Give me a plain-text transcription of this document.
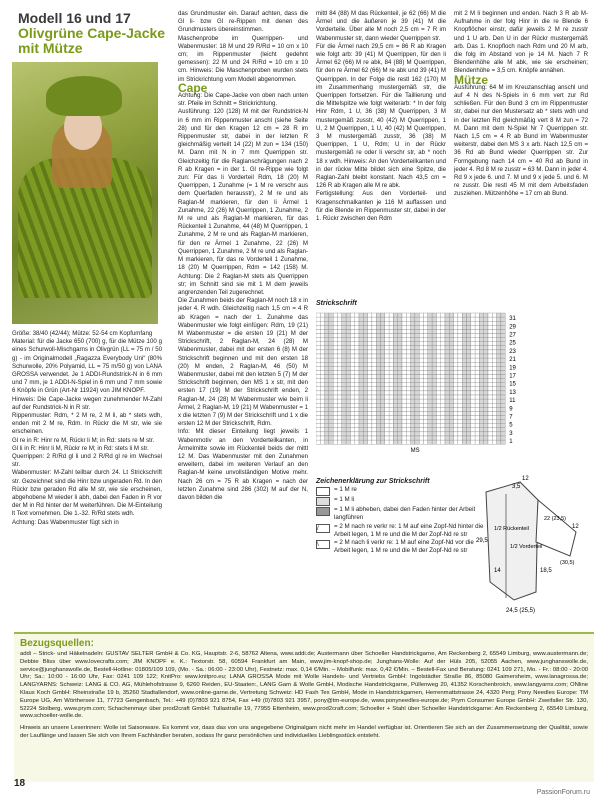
Modell 16 und 17
Olivgrüne Cape-Jacke mit Mütze

Größe: 38/40 (42/44); Mütze: 52-54 cm Kopfumfang

Material: für die Jacke 650 (700) g, für die Mütze 100 g eines Schurwoll-Mischgarns in Olivgrün (LL = 75 m / 50 g) - im Originalmodell „Ragazza Everybody Uni“ (80% Schurwolle, 20% Polyamid, LL = 75 m/50 g) von LANA GROSSA verwendet. Je 1 ADDI-Rundstrick-N in 6 mm und 7 mm, je 1 ADDI-N-Spiel in 6 mm und 7 mm sowie 6 Knöpfe in Grün (Art-Nr 11924) von JIM KNOPF.

Hinweis: Die Cape-Jacke wegen zunehmender M-Zahl auf der Rundstrick-N in R str.

Rippenmuster: Rdm, * 2 M re, 2 M li, ab * stets wdh, enden mit 2 M re, Rdm. In Rückr die M str, wie sie erscheinen.

Gl re in R: Hinr re M, Rückr li M; in Rd: stets re M str.

Gl li in R: Hinr li M, Rückr re M; in Rd: stets li M str.

Querrippen: 2 R/Rd gl li und 2 R/Rd gl re im Wechsel str.

Wabenmuster: M-Zahl teilbar durch 24. Lt Strickschrift str. Gezeichnet sind die Hinr bzw ungeraden Rd. In den Rückr bzw geraden Rd alle M str, wie sie erscheinen, abgehobene M wieder li abh, dabei den Faden in R vor der M in Rd hinter der M weiterführen. Die M-Einteilung lt Text vornehmen. Die 1.-32. R/Rd stets wdh.

Achtung: Das Wabenmuster fügt sich in

das Grundmuster ein. Darauf achten, dass die Gl li- bzw Gl re-Rippen mit denen des Grundmusters übereinstimmen.

Maschenprobe im Querrippen- und Wabenmuster: 18 M und 29 R/Rd = 10 cm x 10 cm; im Rippenmuster (leicht gedehnt gemessen): 22 M und 24 R/Rd = 10 cm x 10 cm. Hinweis: Die Maschenproben wurden stets im Strickrichtung vom Modell abgenommen.

Cape

Achtung: Die Cape-Jacke von oben nach unten str. Pfeile im Schnitt = Strickrichtung.

Ausführung: 120 (128) M mit der Rundstrick-N in 6 mm im Rippenmuster anschl (siehe Seite 28) und für den Kragen 12 cm = 28 R im Rippenmuster str, dabei in der letzten R gleichmäßig verteilt 14 (22) M zun = 134 (150) M. Dann mit N in 7 mm Querrippen str. Gleichzeitig für die Raglanschrägungen nach 2 R ab Kragen = in der 1. Gl re-Rippe wie folgt zun: Für das li Vorderteil Rdm, 18 (20) M Querrippen, 1 Zunahme (= 1 M re verschr aus dem Querfaden herausstr), 2 M re und als Raglan-M markieren, für den li Ärmel 1 Zunahme, 22 (26) M Querrippen, 1 Zunahme, 2 M re und als Raglan-M markieren, für das Rückenteil 1 Zunahme, 44 (48) M Querrippen, 1 Zunahme, 2 M re und als Raglan-M markieren, für den re Ärmel 1 Zunahme, 22 (26) M Querrippen, 1 Zunahme, 2 M re und als Raglan-M markieren, für das re Vorderteil 1 Zunahme, 18 (20) M Querrippen, Rdm = 142 (158) M. Achtung: Die 2 Raglan-M stets als Querrippen str; im Schnitt sind sie mit 1 M dem jeweils angrenzenden Teil zugerechnet.

Die Zunahmen beids der Raglan-M noch 18 x in jeder 4. R wdh. Gleichzeitig nach 1,5 cm = 4 R ab Kragen = nach der 1. Zunahme das Wabenmuster wie folgt einfügen: Rdm, 19 (21) M Wabenmuster = die ersten 19 (21) M der Strickschrift, 2 Raglan-M, 24 (28) M Wabenmuster, dabei mit der ersten 6 (8) M der Strickschrift beginnen und mit den ersten 18 (20) M enden, 2 Raglan-M, 46 (50) M Wabenmuster, dabei mit den letzten 5 (7) M der Strickschrift beginnen, den MS 1 x str, mit den ersten 17 (19) M der Strickschrift enden, 2 Raglan-M, 24 (28) M Wabenmuster wie beim li Ärmel, 2 Raglan-M, 19 (21) M Wabenmuster = 1 x die letzten 7 (9) M der Strickschrift und 1 x die ersten 12 M der Strickschrift, Rdm.

Info: Mit dieser Einteilung liegt jeweils 1 Wabenmotiv an den Vorderteilkanten, in Ärmelmitte sowie im Rückenteil beids der mittl 12 M. Das Wabenmuster mit den Zunahmen erweitern, dabei im weiteren Verlauf an den Raglan-M keine unvollständigen Motive mehr. Nach 26 cm = 75 R ab Kragen = nach der letzten Zunahme sind 286 (302) M auf der N, davon bilden die

mittl 84 (88) M das Rückenteil, je 62 (66) M die Ärmel und die äußeren je 39 (41) M die Vorderteile. Über alle M noch 2,5 cm = 7 R im Wabenmuster str, dann wieder Querrippen str.

Für die Ärmel nach 29,5 cm = 86 R ab Kragen wie folgt arb: 39 (41) M Querrippen, für den li Ärmel 62 (66) M re abk, 84 (88) M Querrippen, für den re Ärmel 62 (66) M re abk und 39 (41) M Querrippen. In der Folge die restl 162 (170) M im Zusammenhang mustergemäß str, die Querrippen fortsetzen. Für die Taillierung und die Mittelspitze wie folgt weiterarb: * In der folg Hinr Rdm, 1 U, 36 (38) M Querrippen, 3 M mustergemäß zusstr, 40 (42) M Querrippen, 1 U, 2 M Querrippen, 1 U, 40 (42) M Querrippen, 3 M mustergemäß zusstr, 36 (38) M Querrippen, 1 U, Rdm; U in der Rückr mustergemäß re oder li verschr str, ab * noch 18 x wdh. Hinweis: An den Vorderteilkanten und in der rückw Mitte bildet sich eine Spitze, die Raglan-Zahl bleibt konstant. Nach 43,5 cm = 126 R ab Kragen alle M re abk.

Fertigstellung: Aus den Vorderteil- und Kragenschmalkanten je 116 M auffassen und für die Blende im Rippenmuster str, dabei in der 1. Rückr zwischen den Rdm

mit 2 M li beginnen und enden. Nach 3 R ab M-Aufnahme in der folg Hinr in die re Blende 6 Knopflöcher einstr, dafür jeweils 2 M re zusstr und 1 U arb. Den U in der Rückr mustergemäß arb. Das 1. Knopfloch nach Rdm und 20 M arb, die folg im Abstand von je 14 M. Nach 7 R Blendenhöhe alle M abk, wie sie erscheinen; Blendenhöhe = 3,5 cm. Knöpfe annähen.

Mütze

Ausführung: 64 M im Kreuzanschlag anschl und auf 4 N des N-Spiels in 6 mm vert zur Rd schließen. Für den Bund 3 cm im Rippenmuster str, dabei nur den Mustersatz ab * stets wdh und in der letzten Rd gleichmäßig vert 8 M zun = 72 M. Dann mit dem N-Spiel Nr 7 Querrippen str. Nach 1,5 cm = 4 R ab Bund im Wabenmuster weiterstr, dabei den MS 3 x arb. Nach 12,5 cm = 36 Rd ab Bund wieder Querrippen str. Zur Formgebung nach 14 cm = 40 Rd ab Bund in jeder 4. Rd 8 M re zusstr = 63 M. Dann in jeder 4. Rd 9 x jede 6. und 7. M und 9 x jede 5. und 6. M re zusstr. Die restl 45 M mit dem Arbeitsfaden zusziehen. Mützenhöhe = 17 cm ab Bund.

Strickschrift
31
29
27
25
23
21
19
17
15
13
11
9
7
5
3
1
MS
Zeichenerklärung zur Strickschrift
= 1 M re
= 1 M li
= 1 M li abheben, dabei den Faden hinter der Arbeit langführen
/	= 2 M nach re verkr re: 1 M auf eine Zopf-Nd hinter die Arbeit legen, 1 M re und die M der Zopf-Nd re str
\	= 2 M nach li verkr re: 1 M auf eine Zopf-Nd vor die Arbeit legen, 1 M re und die M der Zopf-Nd re str
12
3,5
1/2 Rückenteil
1/2 Vorderteil
29,5
14	18,5
24,5 (25,5)
12
22 (23,5)
(30,5)
Bezugsquellen:
addi – Strick- und Häkelnadeln: GUSTAV SELTER GmbH & Co. KG, Hauptstr. 2-6, 58762 Altena, www.addi.de; Austermann über Schoeller Handstrickgarne, Am Reckenberg 2, 65549 Limburg, www.austermann.de; Debbie Bliss über www.lovecrafts.com; JIM KNOPF e. K.: Textorstr. 58, 60594 Frankfurt am Main, www.jim-knopf-shop.de; Junghans-Wolle: Auf der Hüls 205, 52055 Aachen, www.junghanswolle.de, service@junghanswolle.de, Bestell-Hotline: 01805/109 109, (Mo. - Sa.: 06:00 - 23:00 Uhr), Festnetz: max. 0,14 €/Min. – Mobilfunk: max. 0,42 €/Min. – Bestell-Fax und Beratung: 0241 109 271, Mo. - Fr.: 08:00 - 20:00 Uhr; Sa.: 10:00 - 16:00 Uhr, Fax: 0241 109 122; KnitPro: www.knitpro.eu; LANA GROSSA Mode mit Wolle Handels- und Vertriebs GmbH: Ingolstädter Straße 86, 85080 Gaimersheim, www.lanagrossa.de; LANGYARNS: Schweiz: LANG & CO. AG, Mühlehofstrasse 9, 6260 Reiden, EU-Staaten:, LANG Garn & Wolle GmbH, Modische Handstrickgarne, Püllenweg 20, 41352 Korschenbroich, www.langyarns.com; ONline Klaus Koch GmbH: Rheinstraße 19 b, 35260 Stadtallendorf, www.online-garne.de, Vertretung Schweiz: HD Fash Tex GmbH, Mode in Handstrickgarnen, Herrenmattstrasse 24, 4320 Perg; Pony Needles Europe: TM Europe UG, Am Wörthersee 11, 77723 Gengenbach, Tel.: +49 (0)7803 921 8754, Fax +49 (0)7803 921 3957, pony@tm-europe.de, www.ponyneedles-europe.de; Prym Consumer Europe GmbH: Zweifaller Str. 130, 52224 Stolberg, www.prym.com; Schachenmayr über prod2craft GmbH: Tullastraße 19, 77955 Ettenheim, www.prod2craft.com; Schoeller + Stahl über Schoeller Handstrickgarne: Am Reckenberg 2, 65549 Limburg, www.schoeller-wolle.de.
Hinweis an unsere Leserinnen: Wolle ist Saisonware. Es kommt vor, dass das von uns angegebene Originalgarn nicht mehr im Handel verfügbar ist. Orientieren Sie sich an der Zusammensetzung der Qualität, sowie der Lauflänge und lassen Sie sich von Ihrem Fachhändler beraten, sodass Ihr ganz persönliches und individuelles Lieblingsstück entsteht.
18
PassionForum.ru
